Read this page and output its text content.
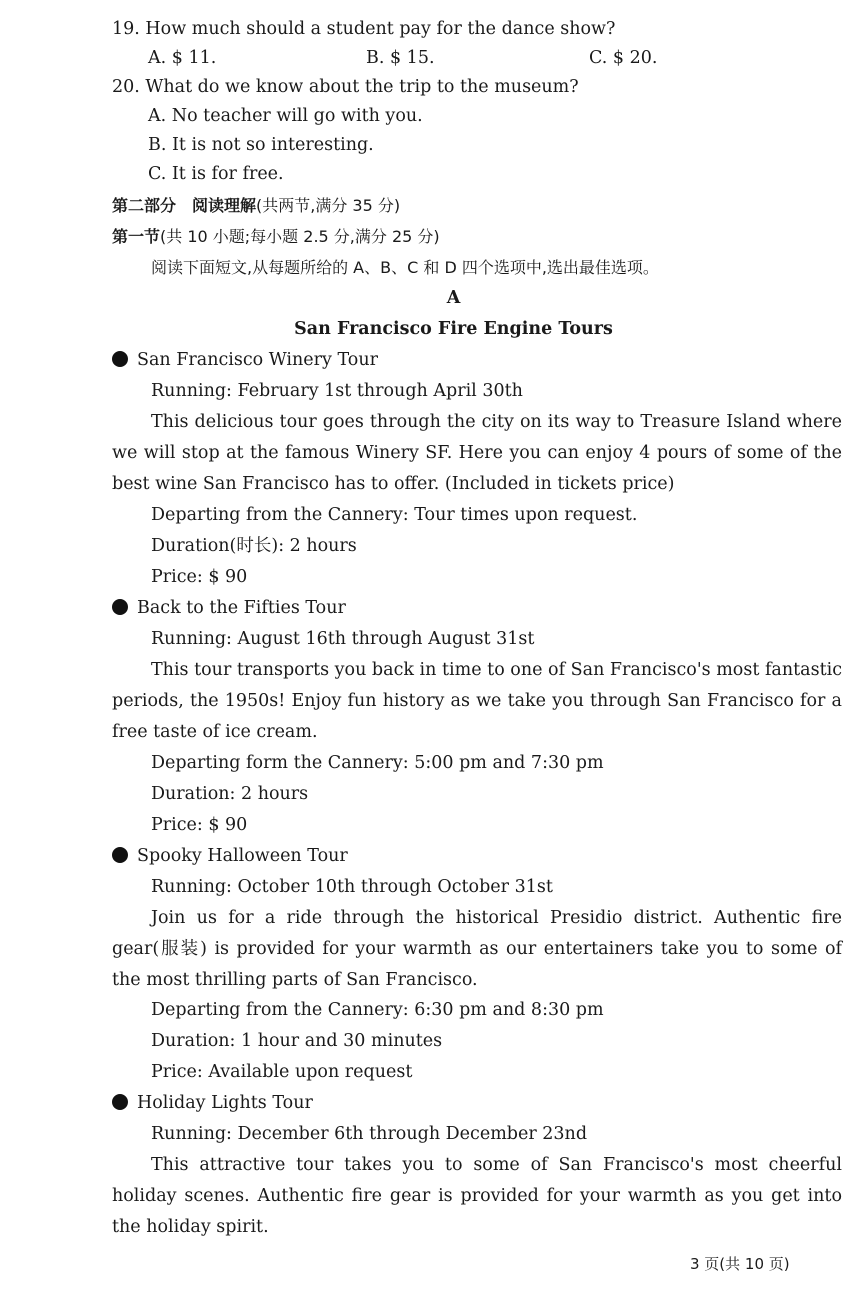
19. How much should a student pay for the dance show?
A. $ 11.	B. $ 15.	C. $ 20.
20. What do we know about the trip to the museum?
A. No teacher will go with you.
B. It is not so interesting.
C. It is for free.
第二部分　阅读理解(共两节,满分 35 分)
第一节(共 10 小题;每小题 2.5 分,满分 25 分)
阅读下面短文,从每题所给的 A、B、C 和 D 四个选项中,选出最佳选项。
A
San Francisco Fire Engine Tours
San Francisco Winery Tour
Running: February 1st through April 30th
This delicious tour goes through the city on its way to Treasure Island where we will stop at the famous Winery SF. Here you can enjoy 4 pours of some of the best wine San Francisco has to offer. (Included in tickets price)
Departing from the Cannery: Tour times upon request.
Duration(时长): 2 hours
Price: $ 90
Back to the Fifties Tour
Running: August 16th through August 31st
This tour transports you back in time to one of San Francisco's most fantastic periods, the 1950s! Enjoy fun history as we take you through San Francisco for a free taste of ice cream.
Departing form the Cannery: 5:00 pm and 7:30 pm
Duration: 2 hours
Price: $ 90
Spooky Halloween Tour
Running: October 10th through October 31st
Join us for a ride through the historical Presidio district. Authentic fire gear(服装) is provided for your warmth as our entertainers take you to some of the most thrilling parts of San Francisco.
Departing from the Cannery: 6:30 pm and 8:30 pm
Duration: 1 hour and 30 minutes
Price: Available upon request
Holiday Lights Tour
Running: December 6th through December 23nd
This attractive tour takes you to some of San Francisco's most cheerful holiday scenes. Authentic fire gear is provided for your warmth as you get into the holiday spirit.
3 页(共 10 页)
